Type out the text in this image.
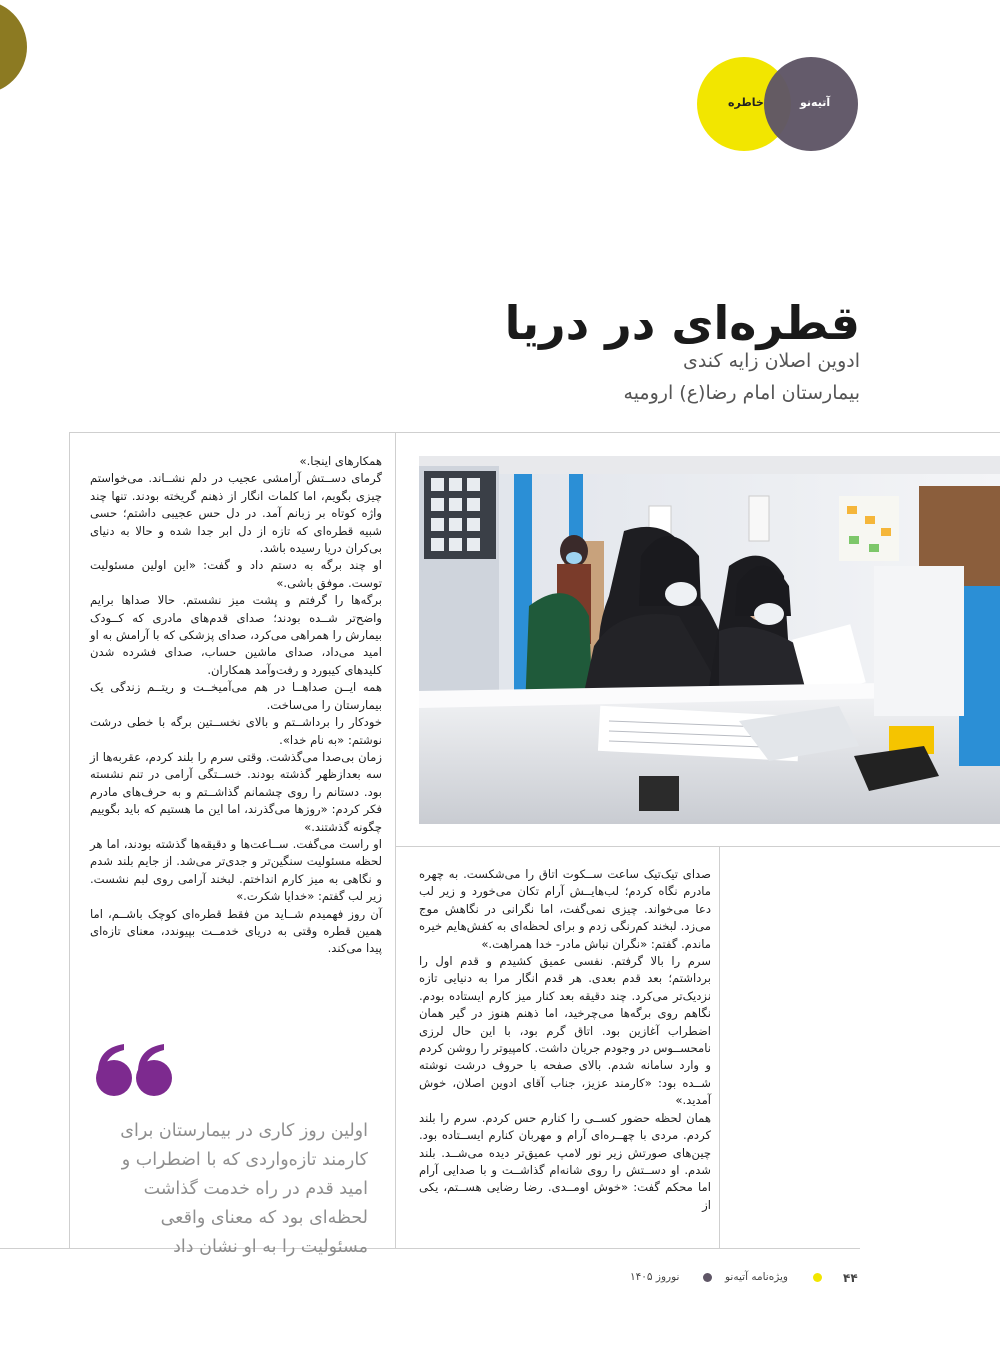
آتیه‌نو
خاطره
قطره‌ای در دریا
ادوین اصلان زایه کندی
بیمارستان امام رضا(ع) ارومیه

همکارهای اینجا.»

گرمای دســتش آرامشی عجیب در دلم نشــاند. می‌خواستم چیزی بگویم، اما کلمات انگار از ذهنم گریخته بودند. تنها چند واژه کوتاه بر زبانم آمد. در دل حس عجیبی داشتم؛ حسی شبیه قطره‌ای که تازه از دل ابر جدا شده و حالا به دنیای بی‌کران دریا رسیده باشد.

او چند برگه به دستم داد و گفت: «این اولین مسئولیت توست. موفق باشی.»

برگه‌ها را گرفتم و پشت میز نشستم. حالا صداها برایم واضح‌تر شــده بودند؛ صدای قدم‌های مادری که کــودک بیمارش را همراهی می‌کرد، صدای پزشکی که با آرامش به او امید می‌داد، صدای ماشین حساب، صدای فشرده شدن کلیدهای کیبورد و رفت‌وآمد همکاران.

همه ایــن صداهــا در هم می‌آمیخــت و ریتــم زندگی یک بیمارستان را می‌ساخت.

خودکار را برداشــتم و بالای نخســتین برگه با خطی درشت نوشتم: «به نام خدا».

زمان بی‌صدا می‌گذشت. وقتی سرم را بلند کردم، عقربه‌ها از سه بعدازظهر گذشته بودند. خســتگی آرامی در تنم نشسته بود. دستانم را روی چشمانم گذاشــتم و به حرف‌های مادرم فکر کردم: «روزها می‌گذرند، اما این ما هستیم که باید بگوییم چگونه گذشتند.»

او راست می‌گفت. ســاعت‌ها و دقیقه‌ها گذشته بودند، اما هر لحظه مسئولیت سنگین‌تر و جدی‌تر می‌شد. از جایم بلند شدم و نگاهی به میز کارم انداختم. لبخند آرامی روی لبم نشست. زیر لب گفتم: «خدایا شکرت.»

آن روز فهمیدم شــاید من فقط قطره‌ای کوچک باشــم، اما همین قطره وقتی به دریای خدمــت بپیوندد، معنای تازه‌ای پیدا می‌کند.

اولین روز کاری در بیمارستان برای کارمند تازه‌واردی که با اضطراب و امید قدم در راه خدمت گذاشت لحظه‌ای بود که معنای واقعی مسئولیت را به او نشان داد

صدای تیک‌تیک ساعت ســکوت اتاق را می‌شکست. به چهره مادرم نگاه کردم؛ لب‌هایــش آرام تکان می‌خورد و زیر لب دعا می‌خواند. چیزی نمی‌گفت، اما نگرانی در نگاهش موج می‌زد. لبخند کم‌رنگی زدم و برای لحظه‌ای به کفش‌هایم خیره ماندم. گفتم: «نگران نباش مادر- خدا همراهت.»

سرم را بالا گرفتم. نفسی عمیق کشیدم و قدم اول را برداشتم؛ بعد قدم بعدی. هر قدم انگار مرا به دنیایی تازه نزدیک‌تر می‌کرد. چند دقیقه بعد کنار میز کارم ایستاده بودم. نگاهم روی برگه‌ها می‌چرخید، اما ذهنم هنوز در گیر همان اضطراب آغازین بود. اتاق گرم بود، با این حال لرزی نامحســوس در وجودم جریان داشت. کامپیوتر را روشن کردم و وارد سامانه شدم. بالای صفحه با حروف درشت نوشته شــده بود: «کارمند عزیز، جناب آقای ادوین اصلان، خوش آمدید.»

همان لحظه حضور کســی را کنارم حس کردم. سرم را بلند کردم. مردی با چهــره‌ای آرام و مهربان کنارم ایســتاده بود. چین‌های صورتش زیر نور لامپ عمیق‌تر دیده می‌شــد. بلند شدم. او دســتش را روی شانه‌ام گذاشــت و با صدایی آرام اما محکم گفت: «خوش اومــدی. رضا رضایی هســتم، یکی از

۴۴
ویژه‌نامه آتیه‌نو
نوروز ۱۴۰۵
